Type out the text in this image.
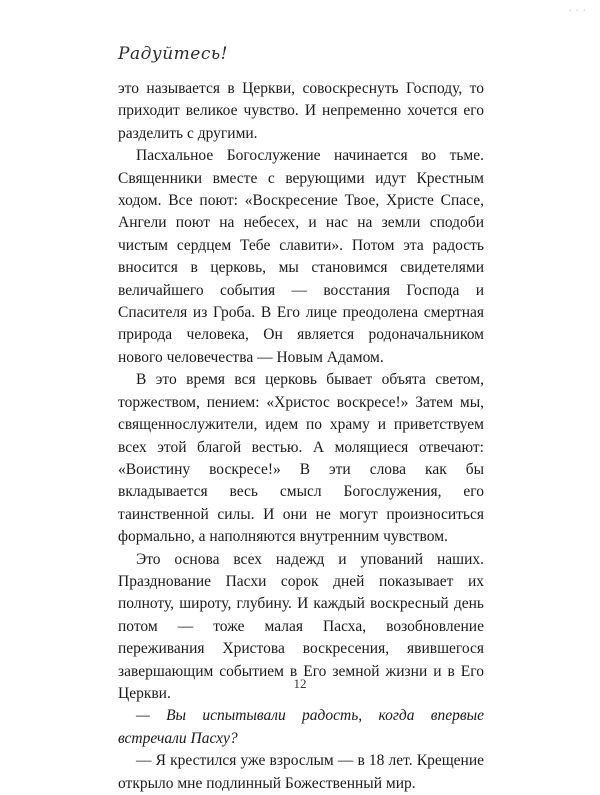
· · ·
Радуйтесь!

это называется в Церкви, совоскреснуть Господу, то приходит великое чувство. И непременно хочется его разделить с другими.

Пасхальное Богослужение начинается во тьме. Священники вместе с верующими идут Крестным ходом. Все поют: «Воскресение Твое, Христе Спасе, Ангели поют на небесех, и нас на земли сподоби чистым сердцем Тебе славити». Потом эта радость вносится в церковь, мы становимся свидетелями величайшего события — восстания Господа и Спасителя из Гроба. В Его лице преодолена смертная природа человека, Он является родоначальником нового человечества — Новым Адамом.

В это время вся церковь бывает объята светом, торжеством, пением: «Христос воскресе!» Затем мы, священнослужители, идем по храму и приветствуем всех этой благой вестью. А молящиеся отвечают: «Воистину воскресе!» В эти слова как бы вкладывается весь смысл Богослужения, его таинственной силы. И они не могут произноситься формально, а наполняются внутренним чувством.

Это основа всех надежд и упований наших. Празднование Пасхи сорок дней показывает их полноту, широту, глубину. И каждый воскресный день потом — тоже малая Пасха, возобновление переживания Христова воскресения, явившегося завершающим событием в Его земной жизни и в Его Церкви.

— Вы испытывали радость, когда впервые встречали Пасху?

— Я крестился уже взрослым — в 18 лет. Крещение открыло мне подлинный Божественный мир.

12
